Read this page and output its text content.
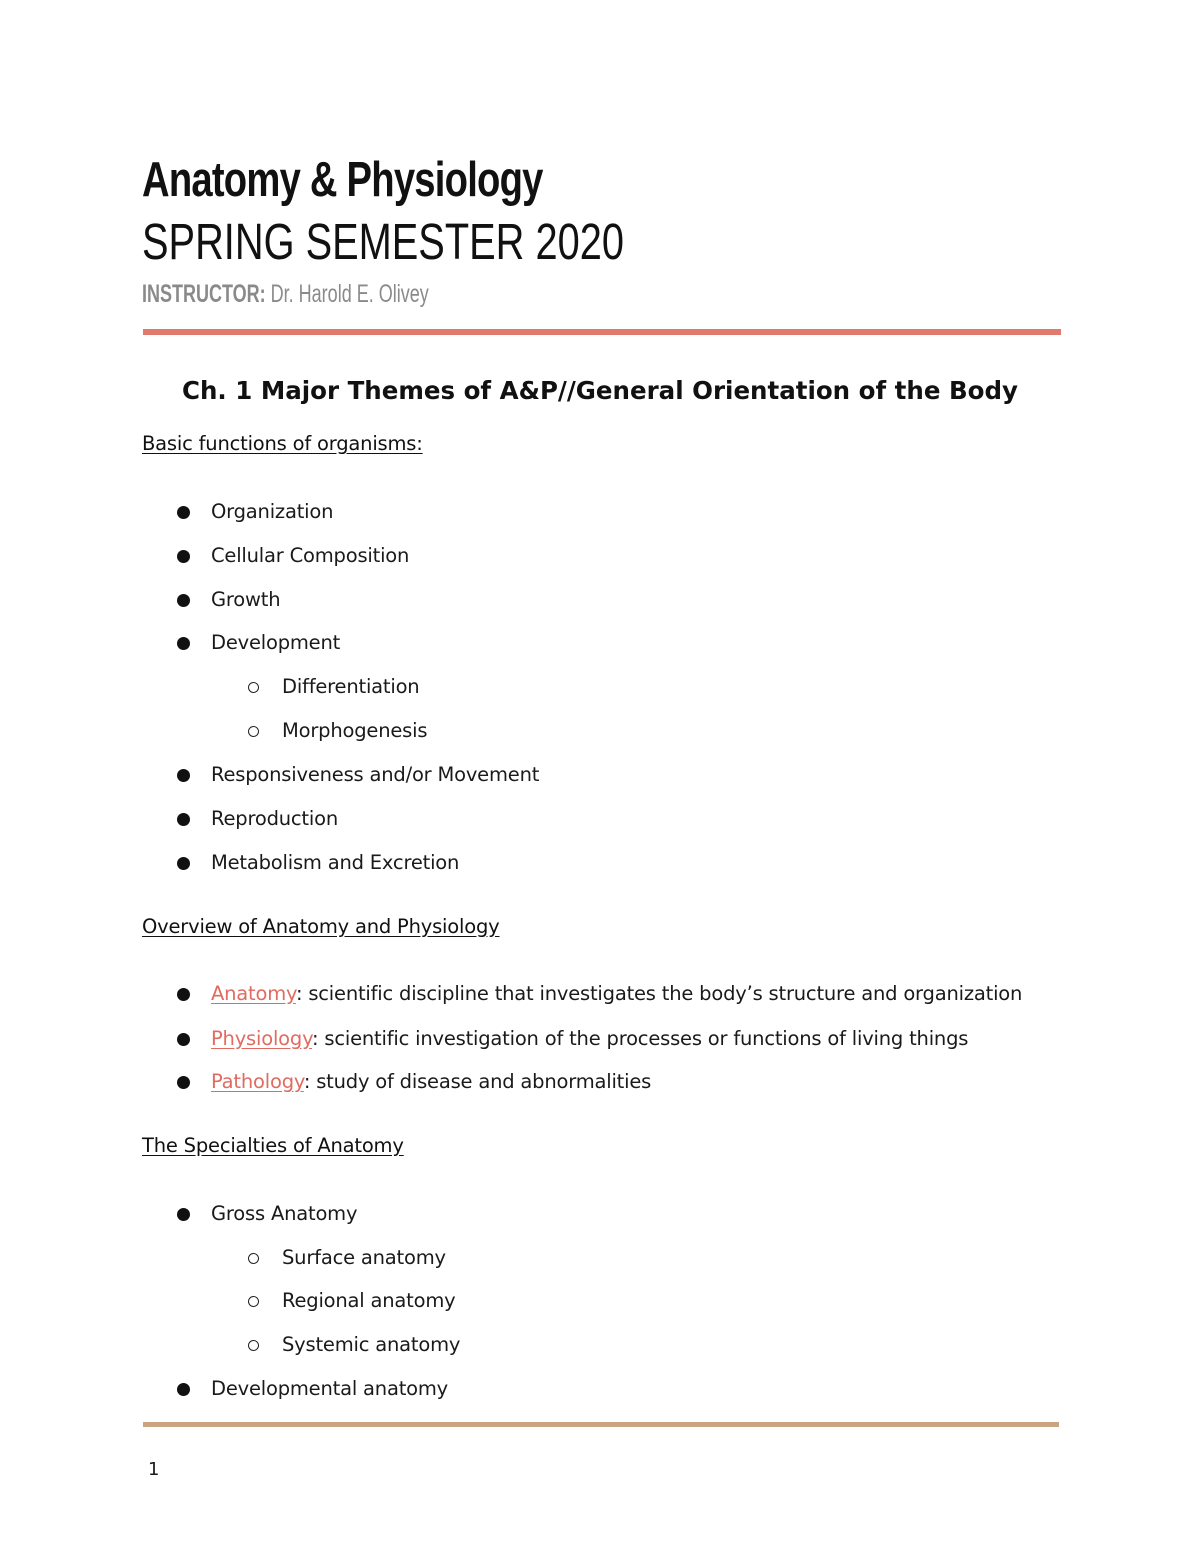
Anatomy & Physiology
SPRING SEMESTER 2020
INSTRUCTOR: Dr. Harold E. Olivey
Ch. 1 Major Themes of A&P//General Orientation of the Body
Basic functions of organisms:
Organization
Cellular Composition
Growth
Development
Differentiation
Morphogenesis
Responsiveness and/or Movement
Reproduction
Metabolism and Excretion
Overview of Anatomy and Physiology
Anatomy: scientific discipline that investigates the body’s structure and organization
Physiology: scientific investigation of the processes or functions of living things
Pathology: study of disease and abnormalities
The Specialties of Anatomy
Gross Anatomy
Surface anatomy
Regional anatomy
Systemic anatomy
Developmental anatomy
1
